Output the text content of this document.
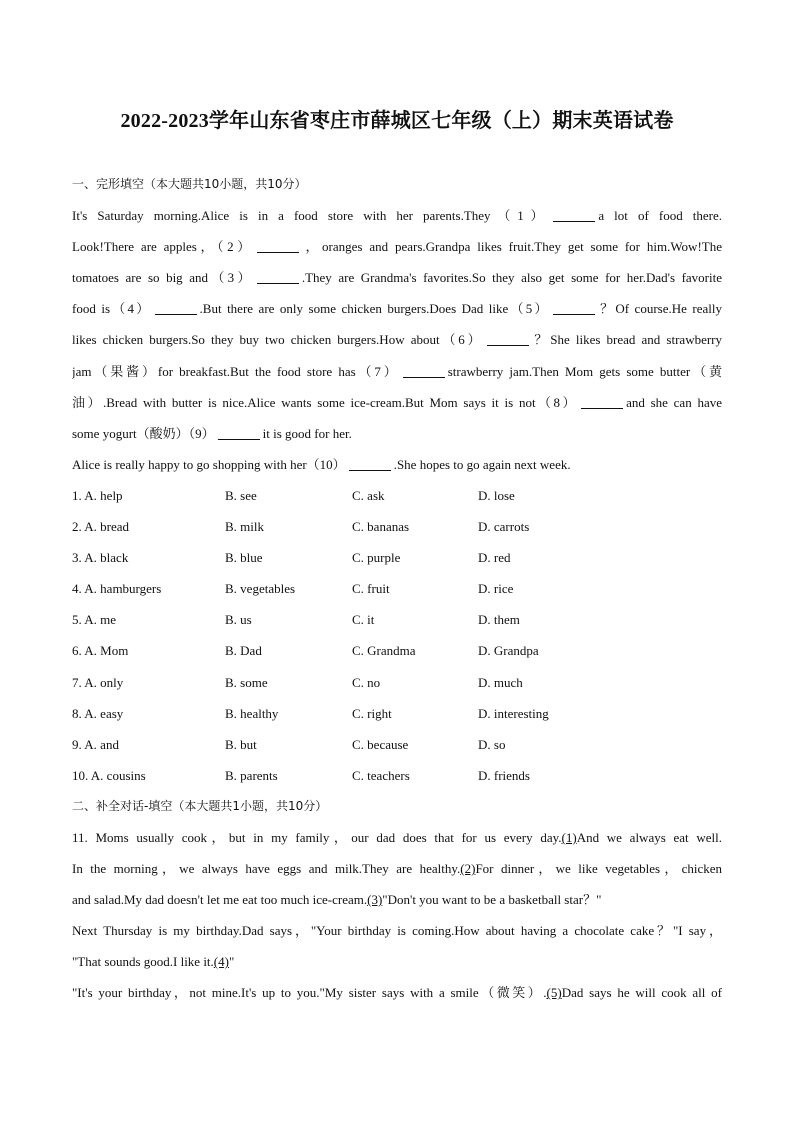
2022-2023学年山东省枣庄市薛城区七年级（上）期末英语试卷
一、完形填空（本大题共10小题，共10分）
It's Saturday morning.Alice is in a food store with her parents.They（1）	a lot of food there.
Look!There are apples，（2）	，oranges and pears.Grandpa likes fruit.They get some for him.Wow!The
tomatoes are so big and（3）	.They are Grandma's favorites.So they also get some for her.Dad's favorite
food is（4）	.But there are only some chicken burgers.Does Dad like（5）	？Of course.He really
likes chicken burgers.So they buy two chicken burgers.How about（6）	？She likes bread and strawberry
jam（果酱）for breakfast.But the food store has（7）	strawberry jam.Then Mom gets some butter（黄
油）.Bread with butter is nice.Alice wants some ice-cream.But Mom says it is not（8）	and she can have
some yogurt（酸奶）（9）	it is good for her.
Alice is really happy to go shopping with her（10）	.She hopes to go again next week.
1. A. help	B. see	C. ask	D. lose
2. A. bread	B. milk	C. bananas	D. carrots
3. A. black	B. blue	C. purple	D. red
4. A. hamburgers	B. vegetables	C. fruit	D. rice
5. A. me	B. us	C. it	D. them
6. A. Mom	B. Dad	C. Grandma	D. Grandpa
7. A. only	B. some	C. no	D. much
8. A. easy	B. healthy	C. right	D. interesting
9. A. and	B. but	C. because	D. so
10. A. cousins	B. parents	C. teachers	D. friends
二、补全对话-填空（本大题共1小题，共10分）
11. Moms usually cook，but in my family，our dad does that for us every day.(1)And we always eat well.
In the morning，we always have eggs and milk.They are healthy.(2)For dinner，we like vegetables，chicken
and salad.My dad doesn't let me eat too much ice-cream.(3)"Don't you want to be a basketball star？"
Next Thursday is my birthday.Dad says，"Your birthday is coming.How about having a chocolate cake？"I say，
"That sounds good.I like it.(4)"
"It's your birthday，not mine.It's up to you."My sister says with a smile（微笑）.(5)Dad says he will cook all of
